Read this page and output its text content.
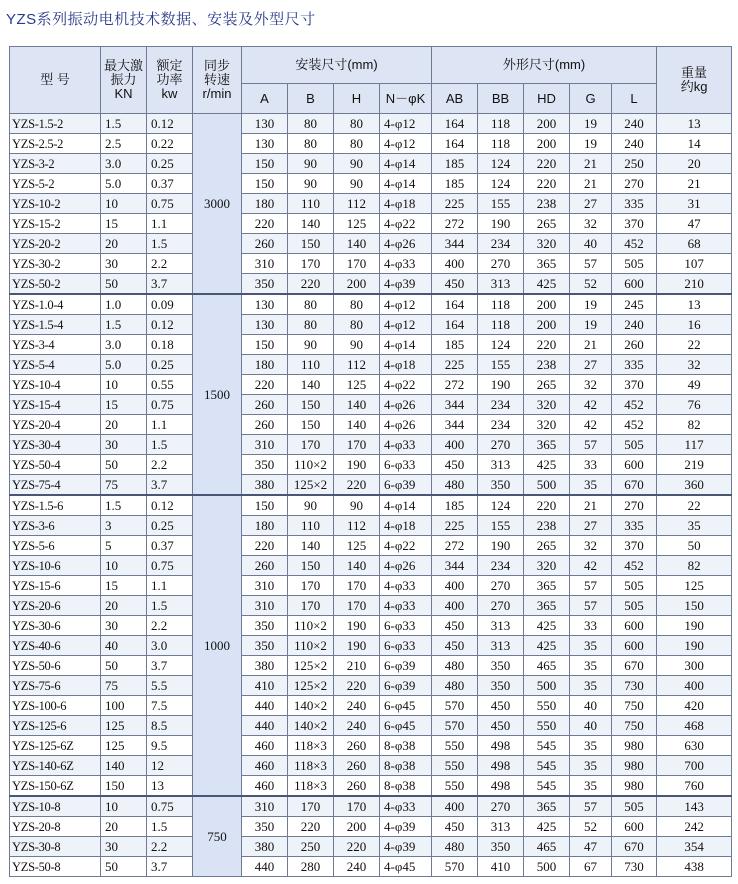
YZS系列振动电机技术数据、安装及外型尺寸
型 号	最大激
振力
KN	额定
功率
kw	同步
转速
r/min	安装尺寸(mm)				外形尺寸(mm)					重量
约kg

				A	B	H	N－φK	AB	BB	HD	G	L	
YZS-1.5-2	1.5	0.12	3000	130	80	80	4-φ12	164	118	200	19	240	13
YZS-2.5-2	2.5	0.22		130	80	80	4-φ12	164	118	200	19	240	14
YZS-3-2	3.0	0.25		150	90	90	4-φ14	185	124	220	21	250	20
YZS-5-2	5.0	0.37		150	90	90	4-φ14	185	124	220	21	270	21
YZS-10-2	10	0.75		180	110	112	4-φ18	225	155	238	27	335	31
YZS-15-2	15	1.1		220	140	125	4-φ22	272	190	265	32	370	47
YZS-20-2	20	1.5		260	150	140	4-φ26	344	234	320	40	452	68
YZS-30-2	30	2.2		310	170	170	4-φ33	400	270	365	57	505	107
YZS-50-2	50	3.7		350	220	200	4-φ39	450	313	425	52	600	210
YZS-1.0-4	1.0	0.09	1500	130	80	80	4-φ12	164	118	200	19	245	13
YZS-1.5-4	1.5	0.12		130	80	80	4-φ12	164	118	200	19	240	16
YZS-3-4	3.0	0.18		150	90	90	4-φ14	185	124	220	21	260	22
YZS-5-4	5.0	0.25		180	110	112	4-φ18	225	155	238	27	335	32
YZS-10-4	10	0.55		220	140	125	4-φ22	272	190	265	32	370	49
YZS-15-4	15	0.75		260	150	140	4-φ26	344	234	320	42	452	76
YZS-20-4	20	1.1		260	150	140	4-φ26	344	234	320	42	452	82
YZS-30-4	30	1.5		310	170	170	4-φ33	400	270	365	57	505	117
YZS-50-4	50	2.2		350	110×2	190	6-φ33	450	313	425	33	600	219
YZS-75-4	75	3.7		380	125×2	220	6-φ39	480	350	500	35	670	360
YZS-1.5-6	1.5	0.12	1000	150	90	90	4-φ14	185	124	220	21	270	22
YZS-3-6	3	0.25		180	110	112	4-φ18	225	155	238	27	335	35
YZS-5-6	5	0.37		220	140	125	4-φ22	272	190	265	32	370	50
YZS-10-6	10	0.75		260	150	140	4-φ26	344	234	320	42	452	82
YZS-15-6	15	1.1		310	170	170	4-φ33	400	270	365	57	505	125
YZS-20-6	20	1.5		310	170	170	4-φ33	400	270	365	57	505	150
YZS-30-6	30	2.2		350	110×2	190	6-φ33	450	313	425	33	600	190
YZS-40-6	40	3.0		350	110×2	190	6-φ33	450	313	425	35	600	190
YZS-50-6	50	3.7		380	125×2	210	6-φ39	480	350	465	35	670	300
YZS-75-6	75	5.5		410	125×2	220	6-φ39	480	350	500	35	730	400
YZS-100-6	100	7.5		440	140×2	240	6-φ45	570	450	550	40	750	420
YZS-125-6	125	8.5		440	140×2	240	6-φ45	570	450	550	40	750	468
YZS-125-6Z	125	9.5		460	118×3	260	8-φ38	550	498	545	35	980	630
YZS-140-6Z	140	12		460	118×3	260	8-φ38	550	498	545	35	980	700
YZS-150-6Z	150	13		460	118×3	260	8-φ38	550	498	545	35	980	760
YZS-10-8	10	0.75	750	310	170	170	4-φ33	400	270	365	57	505	143
YZS-20-8	20	1.5		350	220	200	4-φ39	450	313	425	52	600	242
YZS-30-8	30	2.2		380	250	220	4-φ39	480	350	465	47	670	354
YZS-50-8	50	3.7		440	280	240	4-φ45	570	410	500	67	730	438
